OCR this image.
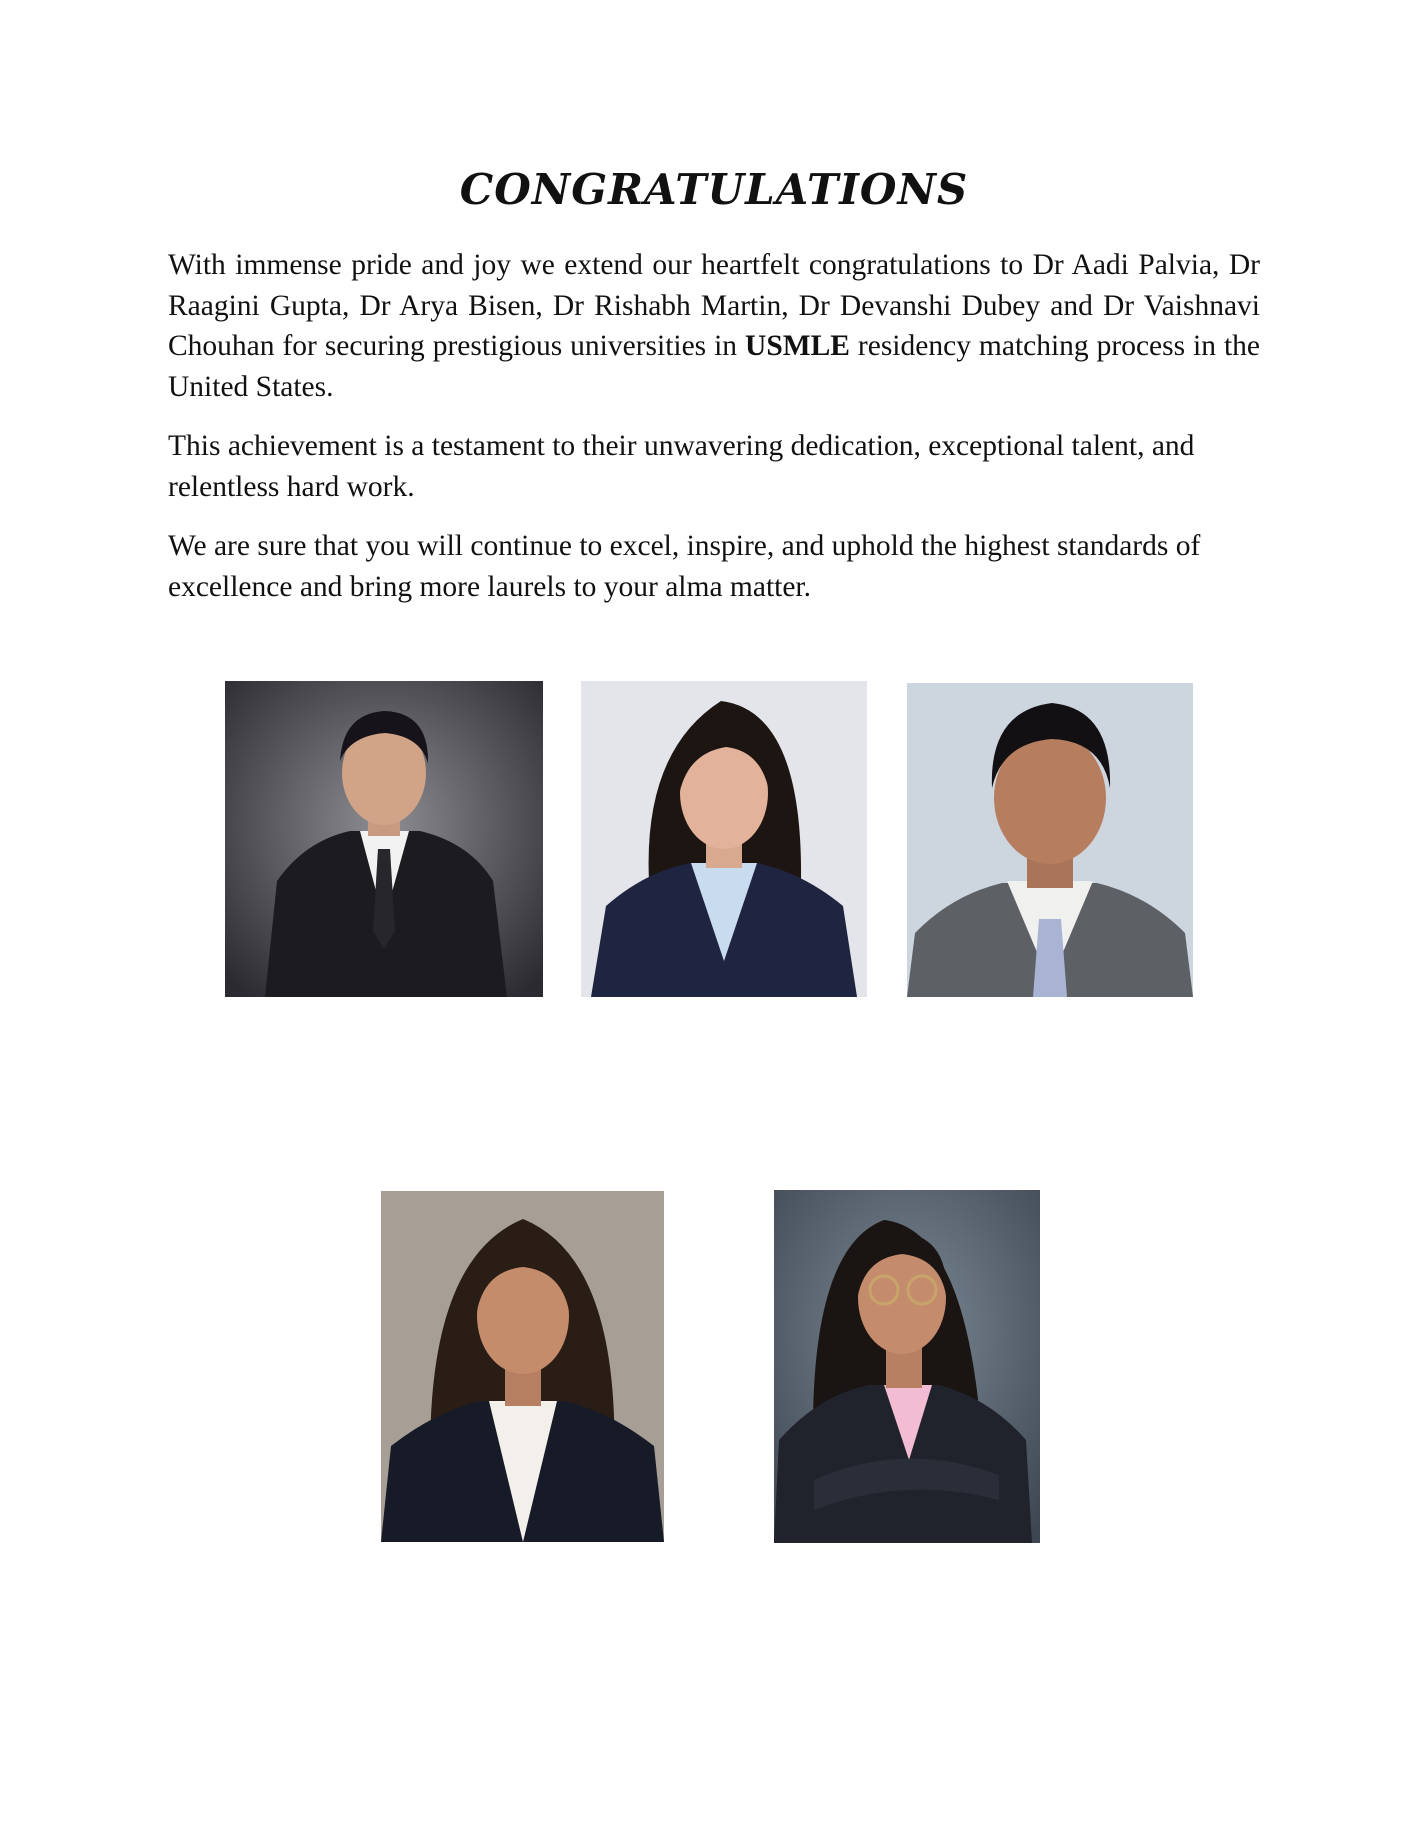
CONGRATULATIONS

With immense pride and joy we extend our heartfelt congratulations to Dr Aadi Palvia, Dr Raagini Gupta, Dr Arya Bisen, Dr Rishabh Martin, Dr Devanshi Dubey and Dr Vaishnavi Chouhan for securing prestigious universities in USMLE residency matching process in the United States.

This achievement is a testament to their unwavering dedication, exceptional talent, and relentless hard work.

We are sure that you will continue to excel, inspire, and uphold the highest standards of excellence and bring more laurels to your alma matter.
